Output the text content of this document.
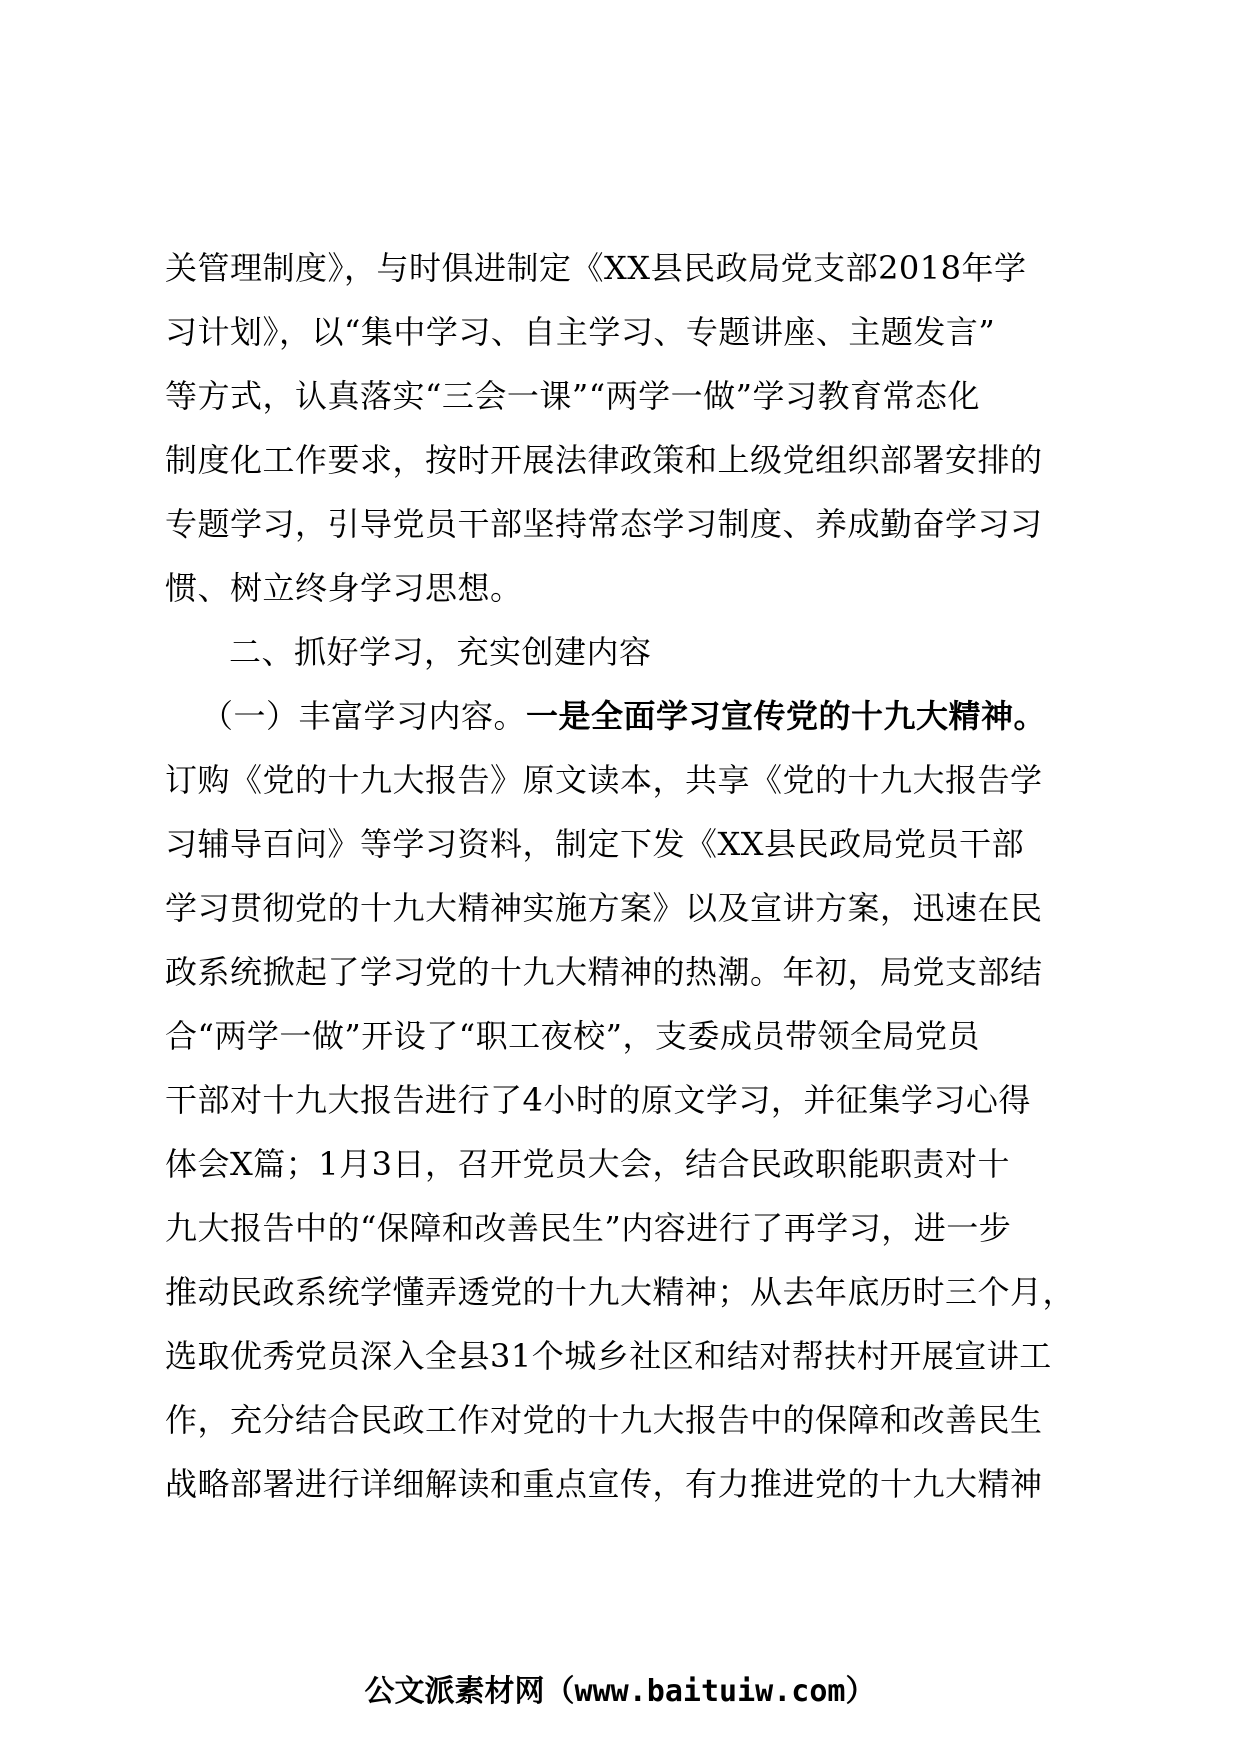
关管理制度》，与时俱进制定《XX县民政局党支部2018年学
习计划》，以“集中学习、自主学习、专题讲座、主题发言”
等方式，认真落实“三会一课”“两学一做”学习教育常态化
制度化工作要求，按时开展法律政策和上级党组织部署安排的
专题学习，引导党员干部坚持常态学习制度、养成勤奋学习习
惯、树立终身学习思想。
二、抓好学习，充实创建内容
（一）丰富学习内容。一是全面学习宣传党的十九大精神。
订购《党的十九大报告》原文读本，共享《党的十九大报告学
习辅导百问》等学习资料，制定下发《XX县民政局党员干部
学习贯彻党的十九大精神实施方案》以及宣讲方案，迅速在民
政系统掀起了学习党的十九大精神的热潮。年初，局党支部结
合“两学一做”开设了“职工夜校”，支委成员带领全局党员
干部对十九大报告进行了4小时的原文学习，并征集学习心得
体会X篇；1月3日，召开党员大会，结合民政职能职责对十
九大报告中的“保障和改善民生”内容进行了再学习，进一步
推动民政系统学懂弄透党的十九大精神；从去年底历时三个月，
选取优秀党员深入全县31个城乡社区和结对帮扶村开展宣讲工
作，充分结合民政工作对党的十九大报告中的保障和改善民生
战略部署进行详细解读和重点宣传，有力推进党的十九大精神
公文派素材网（www.baituiw.com）
